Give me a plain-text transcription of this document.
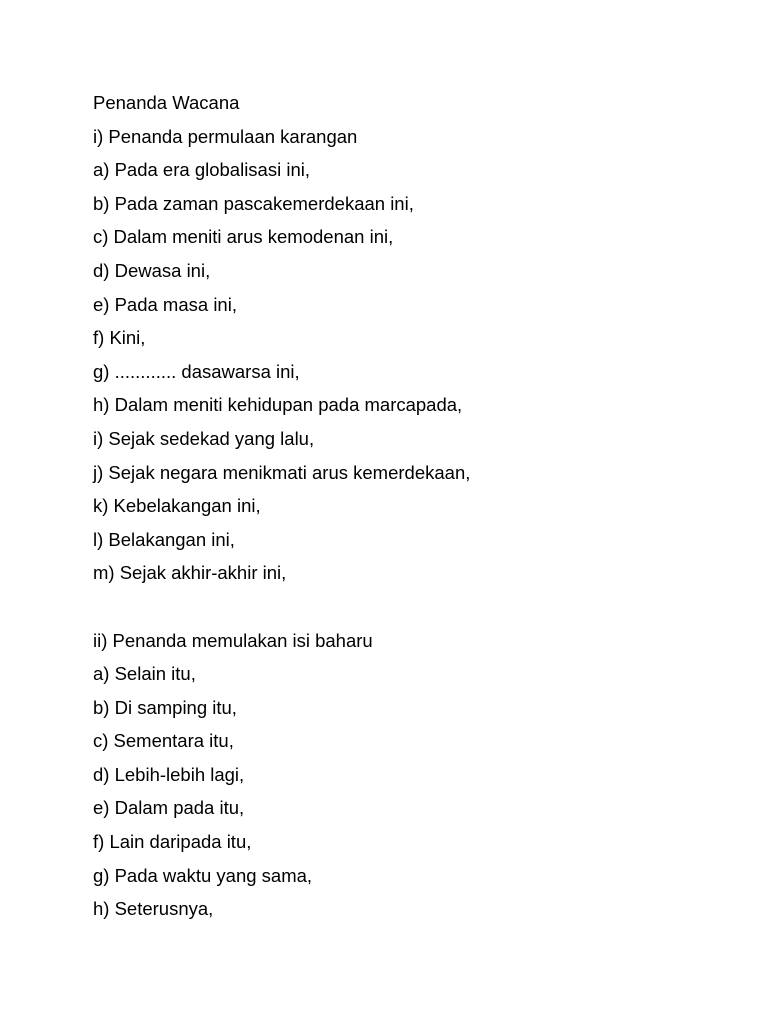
Penanda Wacana
i) Penanda permulaan karangan
a) Pada era globalisasi ini,
b) Pada zaman pascakemerdekaan ini,
c) Dalam meniti arus kemodenan ini,
d) Dewasa ini,
e) Pada masa ini,
f) Kini,
g) ............ dasawarsa ini,
h) Dalam meniti kehidupan pada marcapada,
i) Sejak sedekad yang lalu,
j) Sejak negara menikmati arus kemerdekaan,
k) Kebelakangan ini,
l) Belakangan ini,
m) Sejak akhir-akhir ini,
ii) Penanda memulakan isi baharu
a) Selain itu,
b) Di samping itu,
c) Sementara itu,
d) Lebih-lebih lagi,
e) Dalam pada itu,
f) Lain daripada itu,
g) Pada waktu yang sama,
h) Seterusnya,
